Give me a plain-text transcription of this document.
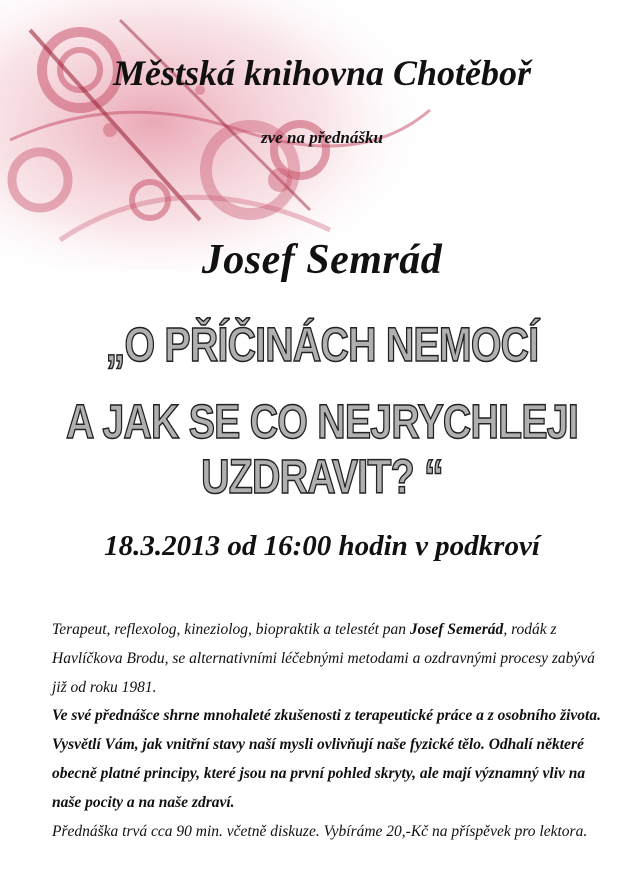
Městská knihovna Chotěboř

zve na přednášku

Josef Semrád
„O PŘÍČINÁCH NEMOCÍ
A JAK SE CO NEJRYCHLEJI UZDRAVIT? “

18.3.2013 od 16:00 hodin v podkroví

Terapeut, reflexolog, kineziolog, biopraktik a telestét pan Josef Semerád, rodák z Havlíčkova Brodu, se alternativními léčebnými metodami a ozdravnými procesy zabývá již od roku 1981.
Ve své přednášce shrne mnohaleté zkušenosti z terapeutické práce a z osobního života. Vysvětlí Vám, jak vnitřní stavy naší mysli ovlivňují naše fyzické tělo. Odhalí některé obecně platné principy, které jsou na první pohled skryty, ale mají významný vliv na naše pocity a na naše zdraví.
Přednáška trvá cca 90 min. včetně diskuze. Vybíráme 20,-Kč na příspěvek pro lektora.
